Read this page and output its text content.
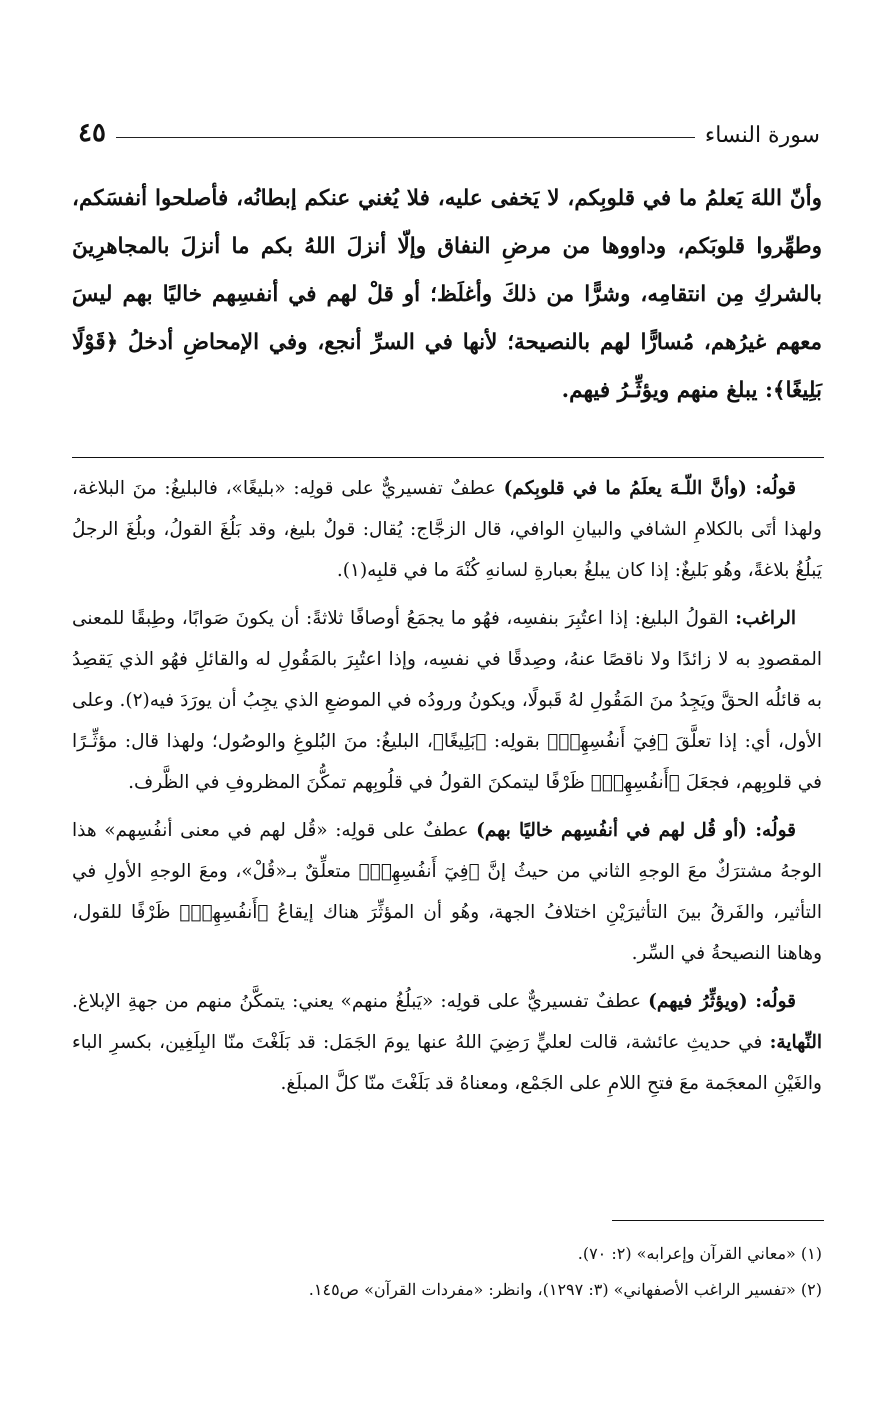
سورة النساء
٤٥

وأنّ اللهَ يَعلمُ ما في قلوبِكم، لا يَخفى عليه، فلا يُغني عنكم إبطانُه، فأصلحوا أنفسَكم، وطهِّروا قلوبَكم، وداووها من مرضِ النفاق وإلّا أنزلَ اللهُ بكم ما أنزلَ بالمجاهرِينَ بالشركِ مِن انتقامِه، وشرًّا من ذلكَ وأغلَظ؛ أو قلْ لهم في أنفسِهم خاليًا بهم ليسَ معهم غيرُهم، مُسارًّا لهم بالنصيحة؛ لأنها في السرِّ أنجع، وفي الإمحاضِ أدخلُ ﴿قَوْلًا بَلِيغًا﴾: يبلغ منهم ويؤثِّـرُ فيهم.

قولُه: (وأنَّ اللّـهَ يعلَمُ ما في قلوبِكم) عطفٌ تفسيريٌّ على قولِه: «بليغًا»، فالبليغُ: منَ البلاغة، ولهذا أتَى بالكلامِ الشافي والبيانِ الوافي، قال الزجَّاج: يُقال: قولٌ بليغ، وقد بَلُغَ القولُ، وبلُغَ الرجلُ يَبلُغُ بلاغةً، وهُو بَليغٌ: إذا كان يبلغُ بعبارةِ لسانهِ كُنْهَ ما في قلبِه(١).

الراغب: القولُ البليغ: إذا اعتُبِرَ بنفسِه، فهُو ما يجمَعُ أوصافًا ثلاثةً: أن يكونَ صَوابًا، وطِبقًا للمعنى المقصودِ به لا زائدًا ولا ناقصًا عنهُ، وصِدقًا في نفسِه، وإذا اعتُبِرَ بالمَقُولِ له والقائلِ فهُو الذي يَقصِدُ به قائلُه الحقَّ ويَجِدُ منَ المَقُولِ لهُ قَبولًا، ويكونُ ورودُه في الموضعِ الذي يجِبُ أن يورَدَ فيه(٢). وعلى الأول، أي: إذا تعلَّقَ ﴿فِيٓ أَنفُسِهِمۡ﴾ بقولِه: ﴿بَلِيغًا﴾، البليغُ: منَ البُلوغِ والوصُول؛ ولهذا قال: مؤثِّـرًا في قلوبِهم، فجعَلَ ﴿أَنفُسِهِمۡ﴾ ظَرْفًا ليتمكنَ القولُ في قلُوبِهم تمكُّنَ المظروفِ في الظَّرف.

قولُه: (أو قُل لهم في أنفُسِهم خاليًا بهم) عطفٌ على قولِه: «قُل لهم في معنى أنفُسِهم» هذا الوجهُ مشترَكٌ معَ الوجهِ الثاني من حيثُ إنَّ ﴿فِيٓ أَنفُسِهِمۡ﴾ متعلِّقٌ بـ«قُلْ»، ومعَ الوجهِ الأولِ في التأثير، والفَرقُ بينَ التأثيرَيْنِ اختلافُ الجهة، وهُو أن المؤثِّرَ هناك إيقاعُ ﴿أَنفُسِهِمۡ﴾ ظَرْفًا للقول، وهاهنا النصيحةُ في السِّر.

قولُه: (ويؤثِّرُ فيهم) عطفٌ تفسيريٌّ على قولِه: «يَبلُغُ منهم» يعني: يتمكَّنُ منهم من جهةِ الإبلاغ. النِّهاية: في حديثِ عائشة، قالت لعليٍّ رَضِيَ اللهُ عنها يومَ الجَمَل: قد بَلَغْتَ منّا البِلَغِين، بكسرِ الباء والغَيْنِ المعجَمة معَ فتحِ اللامِ على الجَمْع، ومعناهُ قد بَلَغْتَ منّا كلَّ المبلَغ.

(١) «معاني القرآن وإعرابه» (٢: ٧٠).

(٢) «تفسير الراغب الأصفهاني» (٣: ١٢٩٧)، وانظر: «مفردات القرآن» ص١٤٥.
